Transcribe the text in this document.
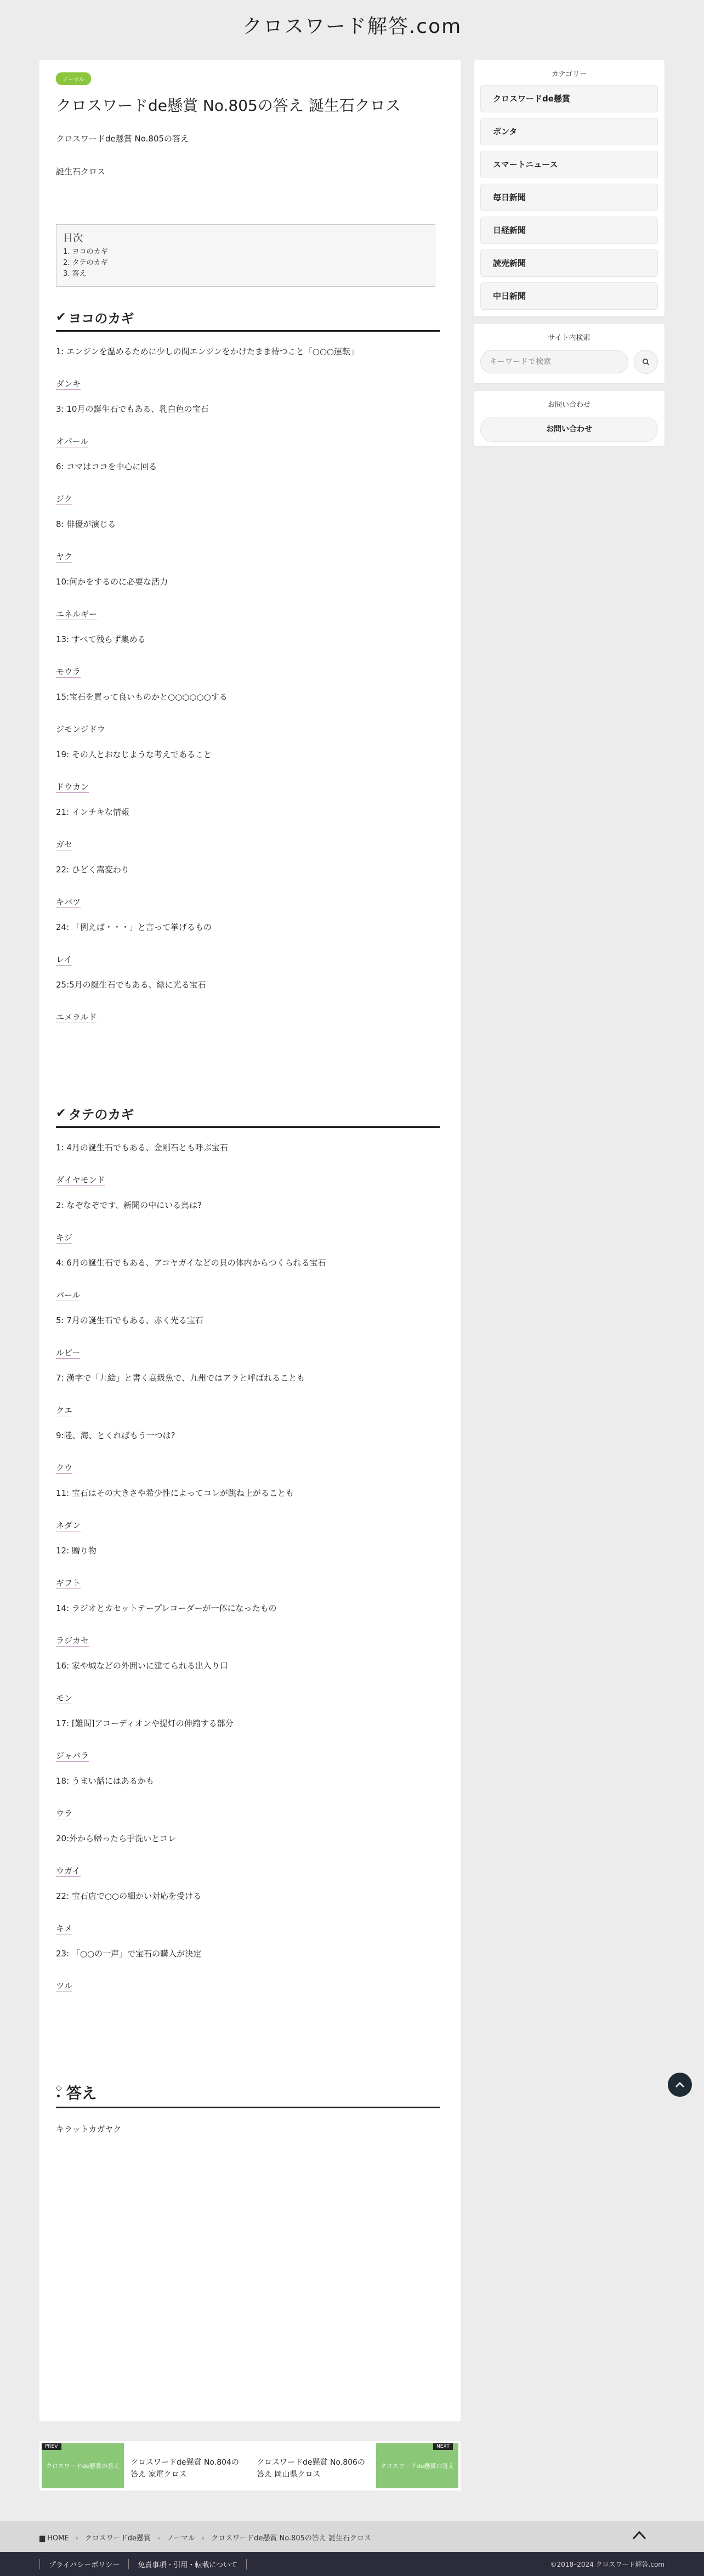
クロスワード解答.com
ノーマル
クロスワードde懸賞 No.805の答え 誕生石クロス

クロスワードde懸賞 No.805の答え

誕生石クロス

目次
1. ヨコのカギ
2. タテのカギ
3. 答え
✔ ヨコのカギ
1: エンジンを温めるために少しの間エンジンをかけたまま待つこと「○○○運転」
ダンキ
3: 10月の誕生石でもある、乳白色の宝石
オパール
6: コマはココを中心に回る
ジク
8: 俳優が演じる
ヤク
10:何かをするのに必要な活力
エネルギー
13: すべて残らず集める
モウラ
15:宝石を買って良いものかと○○○○○○する
ジモンジドウ
19: その人とおなじような考えであること
ドウカン
21: インチキな情報
ガセ
22: ひどく嵩変わり
キバツ
24: 「例えば・・・」と言って挙げるもの
レイ
25:5月の誕生石でもある、緑に光る宝石
エメラルド
✔ タテのカギ
1: 4月の誕生石でもある、金剛石とも呼ぶ宝石
ダイヤモンド
2: なぞなぞです、新聞の中にいる鳥は?
キジ
4: 6月の誕生石でもある、アコヤガイなどの貝の体内からつくられる宝石
パール
5: 7月の誕生石でもある、赤く光る宝石
ルビー
7: 漢字で「九絵」と書く高級魚で、九州ではアラと呼ばれることも
クエ
9:陸、海、とくればもう一つは?
クウ
11: 宝石はその大きさや希少性によってコレが跳ね上がることも
ネダン
12: 贈り物
ギフト
14: ラジオとカセットテープレコーダーが一体になったもの
ラジカセ
16: 家や城などの外囲いに建てられる出入り口
モン
17: [難問]アコーディオンや提灯の伸縮する部分
ジャバラ
18: うまい話にはあるかも
ウラ
20:外から帰ったら手洗いとコレ
ウガイ
22: 宝石店で○○の細かい対応を受ける
キメ
23: 「○○の一声」で宝石の購入が決定
ツル
◇
• 答え

キラットカガヤク

カテゴリー
クロスワードde懸賞
ポンタ
スマートニュース
毎日新聞
日経新聞
読売新聞
中日新聞
サイト内検索
キーワードで検索
お問い合わせ
お問い合わせ
クロスワードde懸賞の答え
PREV
クロスワードde懸賞 No.804の答え 家電クロス
クロスワードde懸賞 No.806の答え 岡山県クロス
クロスワードde懸賞の答え
NEXT
▆ HOME › クロスワードde懸賞 › ノーマル › クロスワードde懸賞 No.805の答え 誕生石クロス
プライバシーポリシー	免責事項・引用・転載について	©2018–2024 クロスワード解答.com
